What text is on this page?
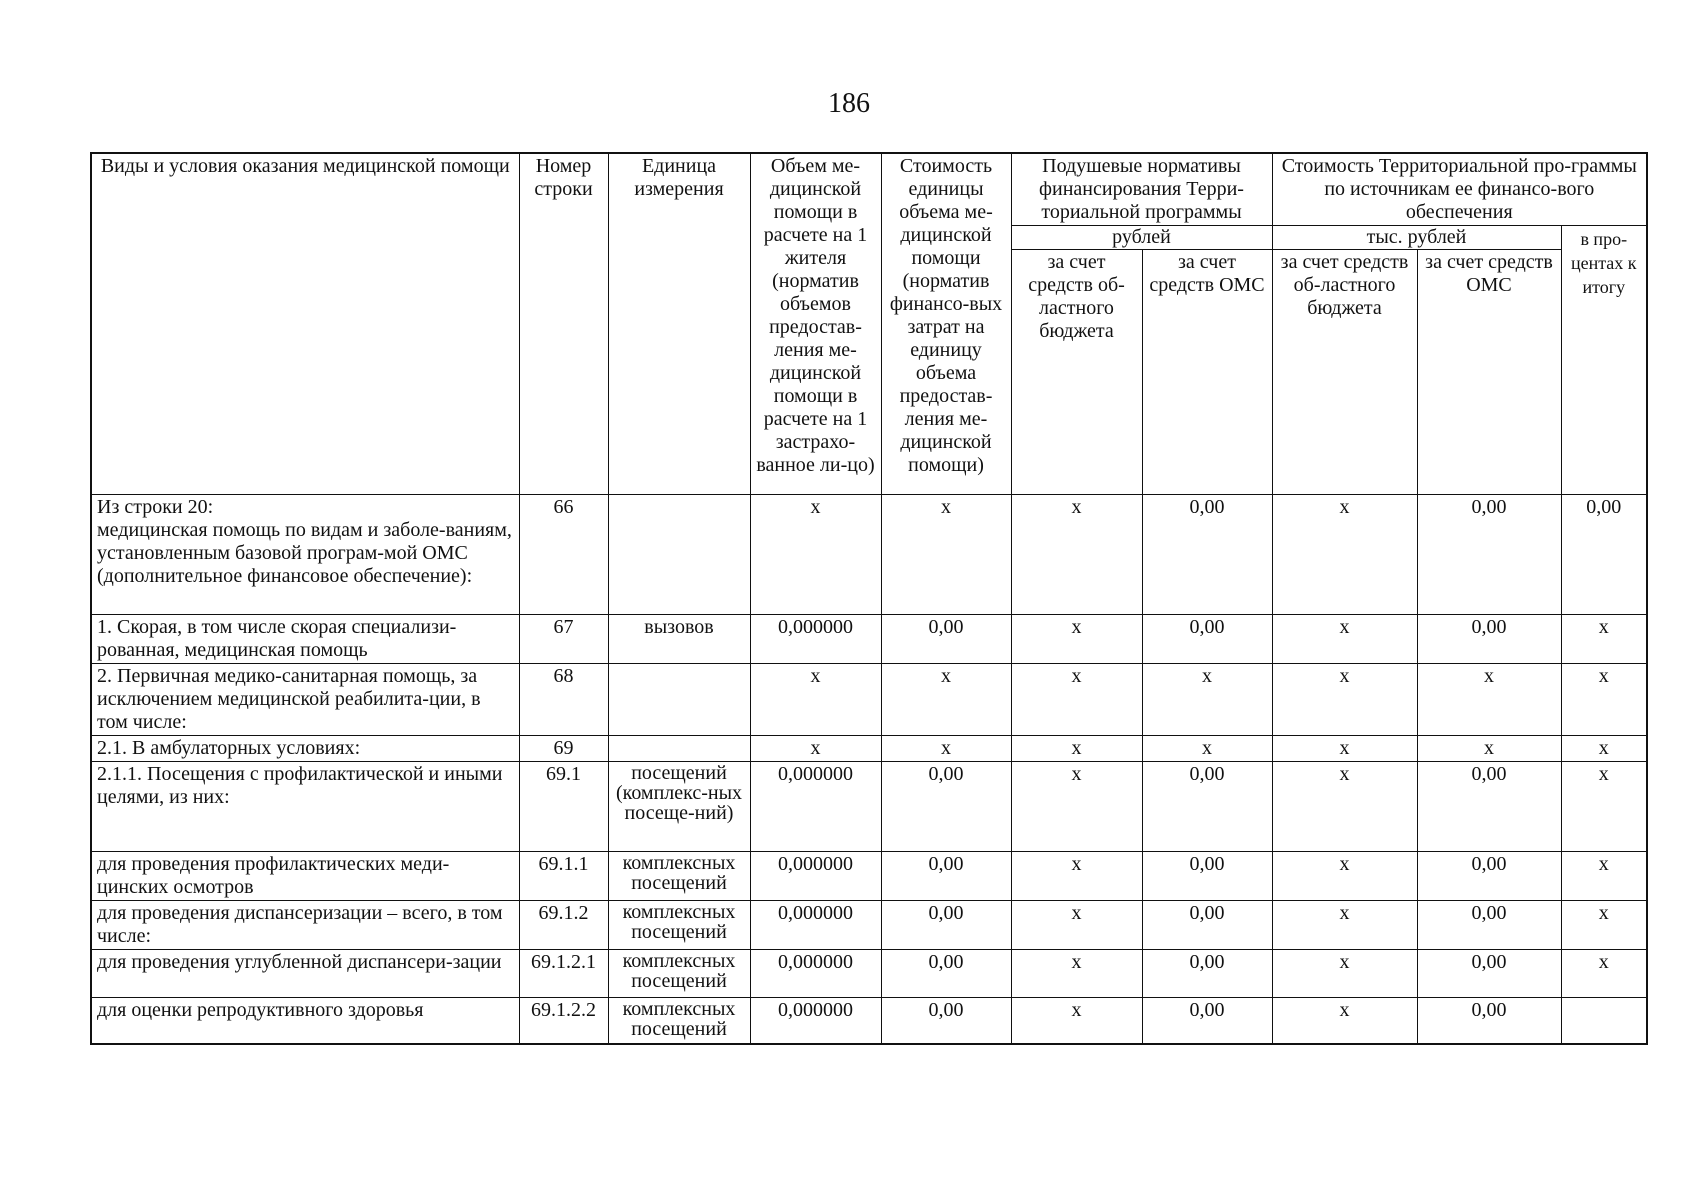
186
Виды и условия оказания медицинской помощи	Номер строки	Единица измерения	Объем ме-дицинской помощи в расчете на 1 жителя (норматив объемов предостав-ления ме-дицинской помощи в расчете на 1 застрахо-ванное ли-цо)	Стоимость единицы объема ме-дицинской помощи (норматив финансо-вых затрат на единицу объема предостав-ления ме-дицинской помощи)	Подушевые нормативы финансирования Терри-ториальной программы		Стоимость Территориальной про-граммы по источникам ее финансо-вого обеспечения		
					рублей		тыс. рублей		в про-центах к итогу
					за счет средств об-ластного бюджета	за счет средств ОМС	за счет средств об-ластного бюджета	за счет средств ОМС	

Из строки 20:
медицинская помощь по видам и заболе-ваниям, установленным базовой програм-мой ОМС (дополнительное финансовое обеспечение):	66		х	х	х	0,00	х	0,00	0,00
1. Скорая, в том числе скорая специализи-рованная, медицинская помощь	67	вызовов	0,000000	0,00	х	0,00	х	0,00	х
2. Первичная медико-санитарная помощь, за исключением медицинской реабилита-ции, в том числе:	68		х	х	х	х	х	х	х
2.1. В амбулаторных условиях:	69		х	х	х	х	х	х	х
2.1.1. Посещения с профилактической и иными целями, из них:	69.1	посещений (комплекс-ных посеще-ний)	0,000000	0,00	х	0,00	х	0,00	х
для проведения профилактических меди-цинских осмотров	69.1.1	комплексных посещений	0,000000	0,00	х	0,00	х	0,00	х
для проведения диспансеризации – всего, в том числе:	69.1.2	комплексных посещений	0,000000	0,00	х	0,00	х	0,00	х
для проведения углубленной диспансери-зации	69.1.2.1	комплексных посещений	0,000000	0,00	х	0,00	х	0,00	х
для оценки репродуктивного здоровья	69.1.2.2	комплексных посещений	0,000000	0,00	х	0,00	х	0,00	
